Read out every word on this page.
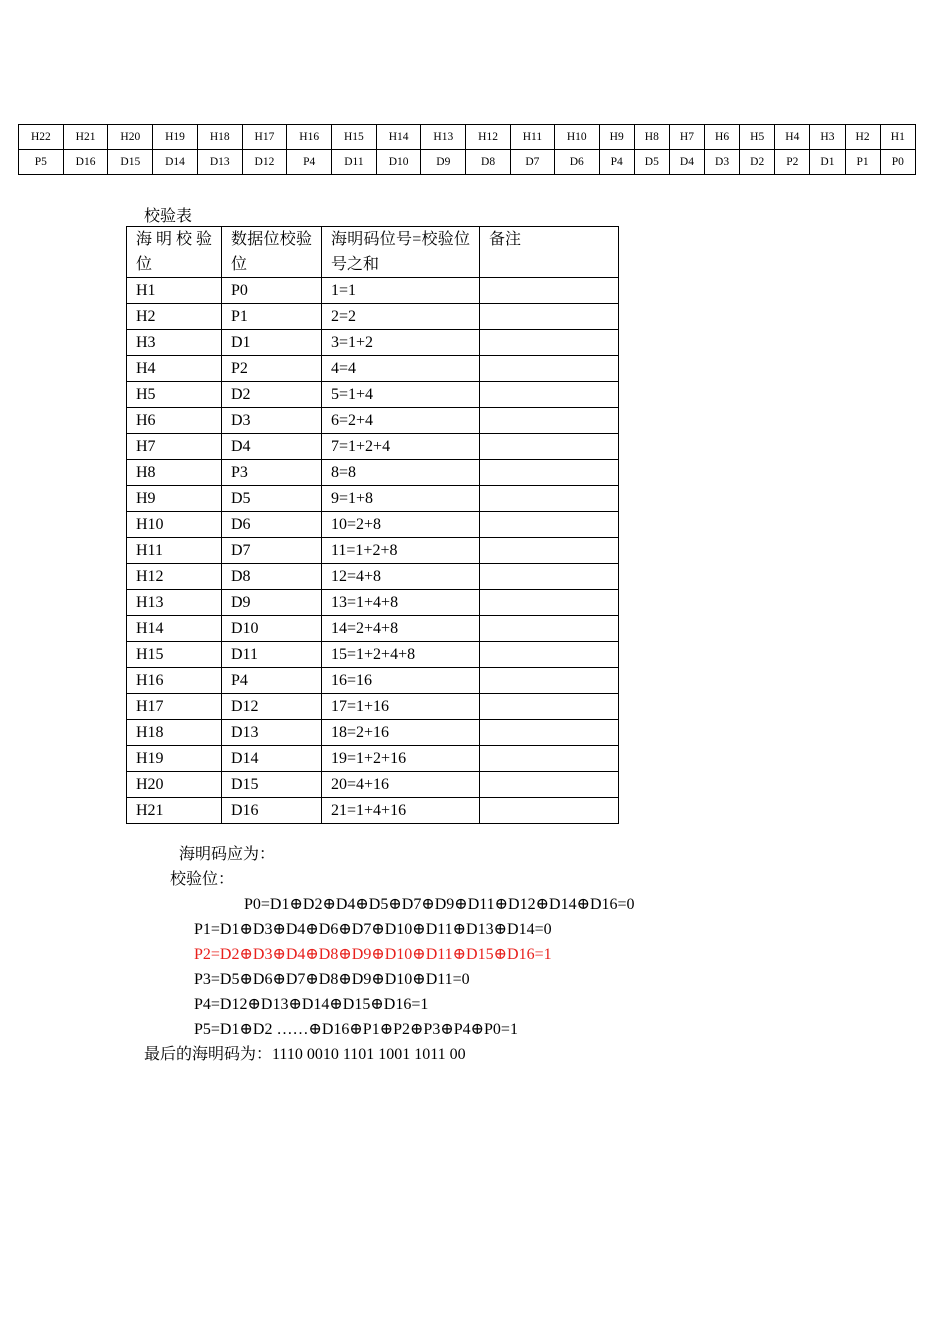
H22	H21	H20	H19	H18	H17	H16	H15	H14	H13	H12	H11	H10	H9	H8	H7	H6	H5	H4	H3	H2	H1
P5	D16	D15	D14	D13	D12	P4	D11	D10	D9	D8	D7	D6	P4	D5	D4	D3	D2	P2	D1	P1	P0
校验表
海明校验位	数据位校验位	海明码位号=校验位号之和	备注
H1	P0	1=1	
H2	P1	2=2	
H3	D1	3=1+2	
H4	P2	4=4	
H5	D2	5=1+4	
H6	D3	6=2+4	
H7	D4	7=1+2+4	
H8	P3	8=8	
H9	D5	9=1+8	
H10	D6	10=2+8	
H11	D7	11=1+2+8	
H12	D8	12=4+8	
H13	D9	13=1+4+8	
H14	D10	14=2+4+8	
H15	D11	15=1+2+4+8	
H16	P4	16=16	
H17	D12	17=1+16	
H18	D13	18=2+16	
H19	D14	19=1+2+16	
H20	D15	20=4+16	
H21	D16	21=1+4+16	
海明码应为：
校验位：
P0=D1⊕D2⊕D4⊕D5⊕D7⊕D9⊕D11⊕D12⊕D14⊕D16=0
P1=D1⊕D3⊕D4⊕D6⊕D7⊕D10⊕D11⊕D13⊕D14=0
P2=D2⊕D3⊕D4⊕D8⊕D9⊕D10⊕D11⊕D15⊕D16=1
P3=D5⊕D6⊕D7⊕D8⊕D9⊕D10⊕D11=0
P4=D12⊕D13⊕D14⊕D15⊕D16=1
P5=D1⊕D2 ……⊕D16⊕P1⊕P2⊕P3⊕P4⊕P0=1
最后的海明码为：1110 0010 1101 1001 1011 00
